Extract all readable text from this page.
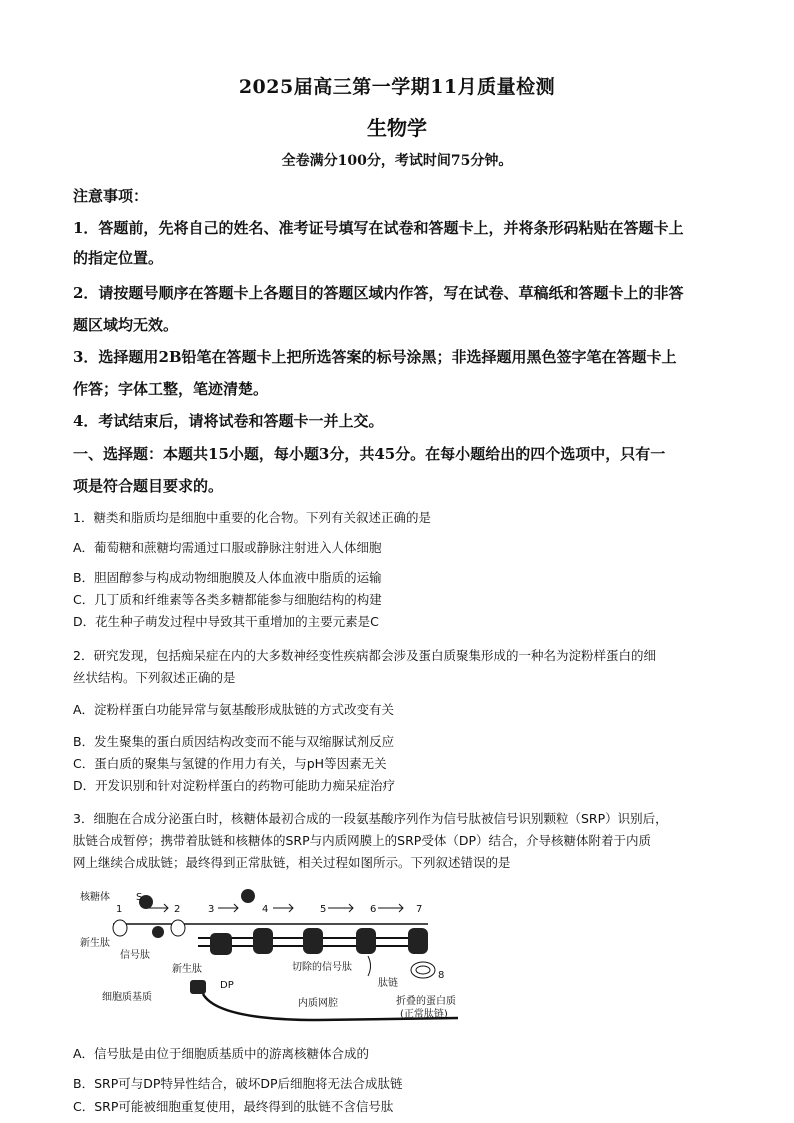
2025届高三第一学期11月质量检测
生物学
全卷满分100分，考试时间75分钟。
注意事项：
1．答题前，先将自己的姓名、准考证号填写在试卷和答题卡上，并将条形码粘贴在答题卡上
的指定位置。
2．请按题号顺序在答题卡上各题目的答题区域内作答，写在试卷、草稿纸和答题卡上的非答
题区域均无效。
3．选择题用2B铅笔在答题卡上把所选答案的标号涂黑；非选择题用黑色签字笔在答题卡上
作答；字体工整，笔迹清楚。
4．考试结束后，请将试卷和答题卡一并上交。
一、选择题：本题共15小题，每小题3分，共45分。在每小题给出的四个选项中，只有一
项是符合题目要求的。
1．糖类和脂质均是细胞中重要的化合物。下列有关叙述正确的是
A．葡萄糖和蔗糖均需通过口服或静脉注射进入人体细胞
B．胆固醇参与构成动物细胞膜及人体血液中脂质的运输
C．几丁质和纤维素等各类多糖都能参与细胞结构的构建
D．花生种子萌发过程中导致其干重增加的主要元素是C
2．研究发现，包括痴呆症在内的大多数神经变性疾病都会涉及蛋白质聚集形成的一种名为淀粉样蛋白的细
丝状结构。下列叙述正确的是
A．淀粉样蛋白功能异常与氨基酸形成肽链的方式改变有关
B．发生聚集的蛋白质因结构改变而不能与双缩脲试剂反应
C．蛋白质的聚集与氢键的作用力有关，与pH等因素无关
D．开发识别和针对淀粉样蛋白的药物可能助力痴呆症治疗
3．细胞在合成分泌蛋白时，核糖体最初合成的一段氨基酸序列作为信号肽被信号识别颗粒（SRP）识别后，
肽链合成暂停；携带着肽链和核糖体的SRP与内质网膜上的SRP受体（DP）结合，介导核糖体附着于内质
网上继续合成肽链；最终得到正常肽链，相关过程如图所示。下列叙述错误的是
1	2	3	4	5	6	7
8
核糖体
新生肽
信号肽
S
新生肽
细胞质基质
DP
切除的信号肽
内质网腔
肽链
折叠的蛋白质
(正常肽链)
A．信号肽是由位于细胞质基质中的游离核糖体合成的
B．SRP可与DP特异性结合，破坏DP后细胞将无法合成肽链
C．SRP可能被细胞重复使用，最终得到的肽链不含信号肽
